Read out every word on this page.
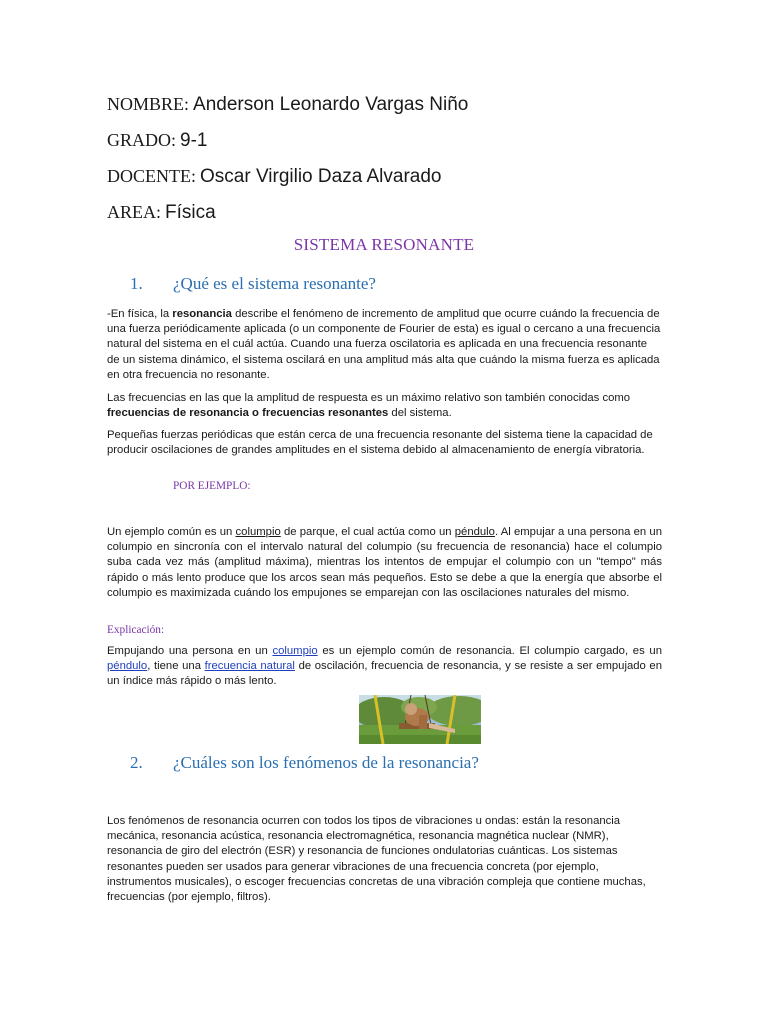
NOMBRE: Anderson Leonardo Vargas Niño
GRADO: 9-1
DOCENTE: Oscar Virgilio Daza Alvarado
AREA: Física
SISTEMA RESONANTE
1. ¿Qué es el sistema resonante?

-En física, la resonancia describe el fenómeno de incremento de amplitud que ocurre cuándo la frecuencia de una fuerza periódicamente aplicada (o un componente de Fourier de esta) es igual o cercano a una frecuencia natural del sistema en el cuál actúa. Cuando una fuerza oscilatoria es aplicada en una frecuencia resonante de un sistema dinámico, el sistema oscilará en una amplitud más alta que cuándo la misma fuerza es aplicada en otra frecuencia no resonante.

Las frecuencias en las que la amplitud de respuesta es un máximo relativo son también conocidas como frecuencias de resonancia o frecuencias resonantes del sistema.

Pequeñas fuerzas periódicas que están cerca de una frecuencia resonante del sistema tiene la capacidad de producir oscilaciones de grandes amplitudes en el sistema debido al almacenamiento de energía vibratoria.

POR EJEMPLO:

Un ejemplo común es un columpio de parque, el cual actúa como un péndulo. Al empujar a una persona en un columpio en sincronía con el intervalo natural del columpio (su frecuencia de resonancia) hace el columpio suba cada vez más (amplitud máxima), mientras los intentos de empujar el columpio con un "tempo" más rápido o más lento produce que los arcos sean más pequeños. Esto se debe a que la energía que absorbe el columpio es maximizada cuándo los empujones se emparejan con las oscilaciones naturales del mismo.

Explicación:

Empujando una persona en un columpio es un ejemplo común de resonancia. El columpio cargado, es un péndulo, tiene una frecuencia natural de oscilación, frecuencia de resonancia, y se resiste a ser empujado en un índice más rápido o más lento.

2. ¿Cuáles son los fenómenos de la resonancia?

Los fenómenos de resonancia ocurren con todos los tipos de vibraciones u ondas: están la resonancia mecánica, resonancia acústica, resonancia electromagnética, resonancia magnética nuclear (NMR), resonancia de giro del electrón (ESR) y resonancia de funciones ondulatorias cuánticas. Los sistemas resonantes pueden ser usados para generar vibraciones de una frecuencia concreta (por ejemplo, instrumentos musicales), o escoger frecuencias concretas de una vibración compleja que contiene muchas, frecuencias (por ejemplo, filtros).
